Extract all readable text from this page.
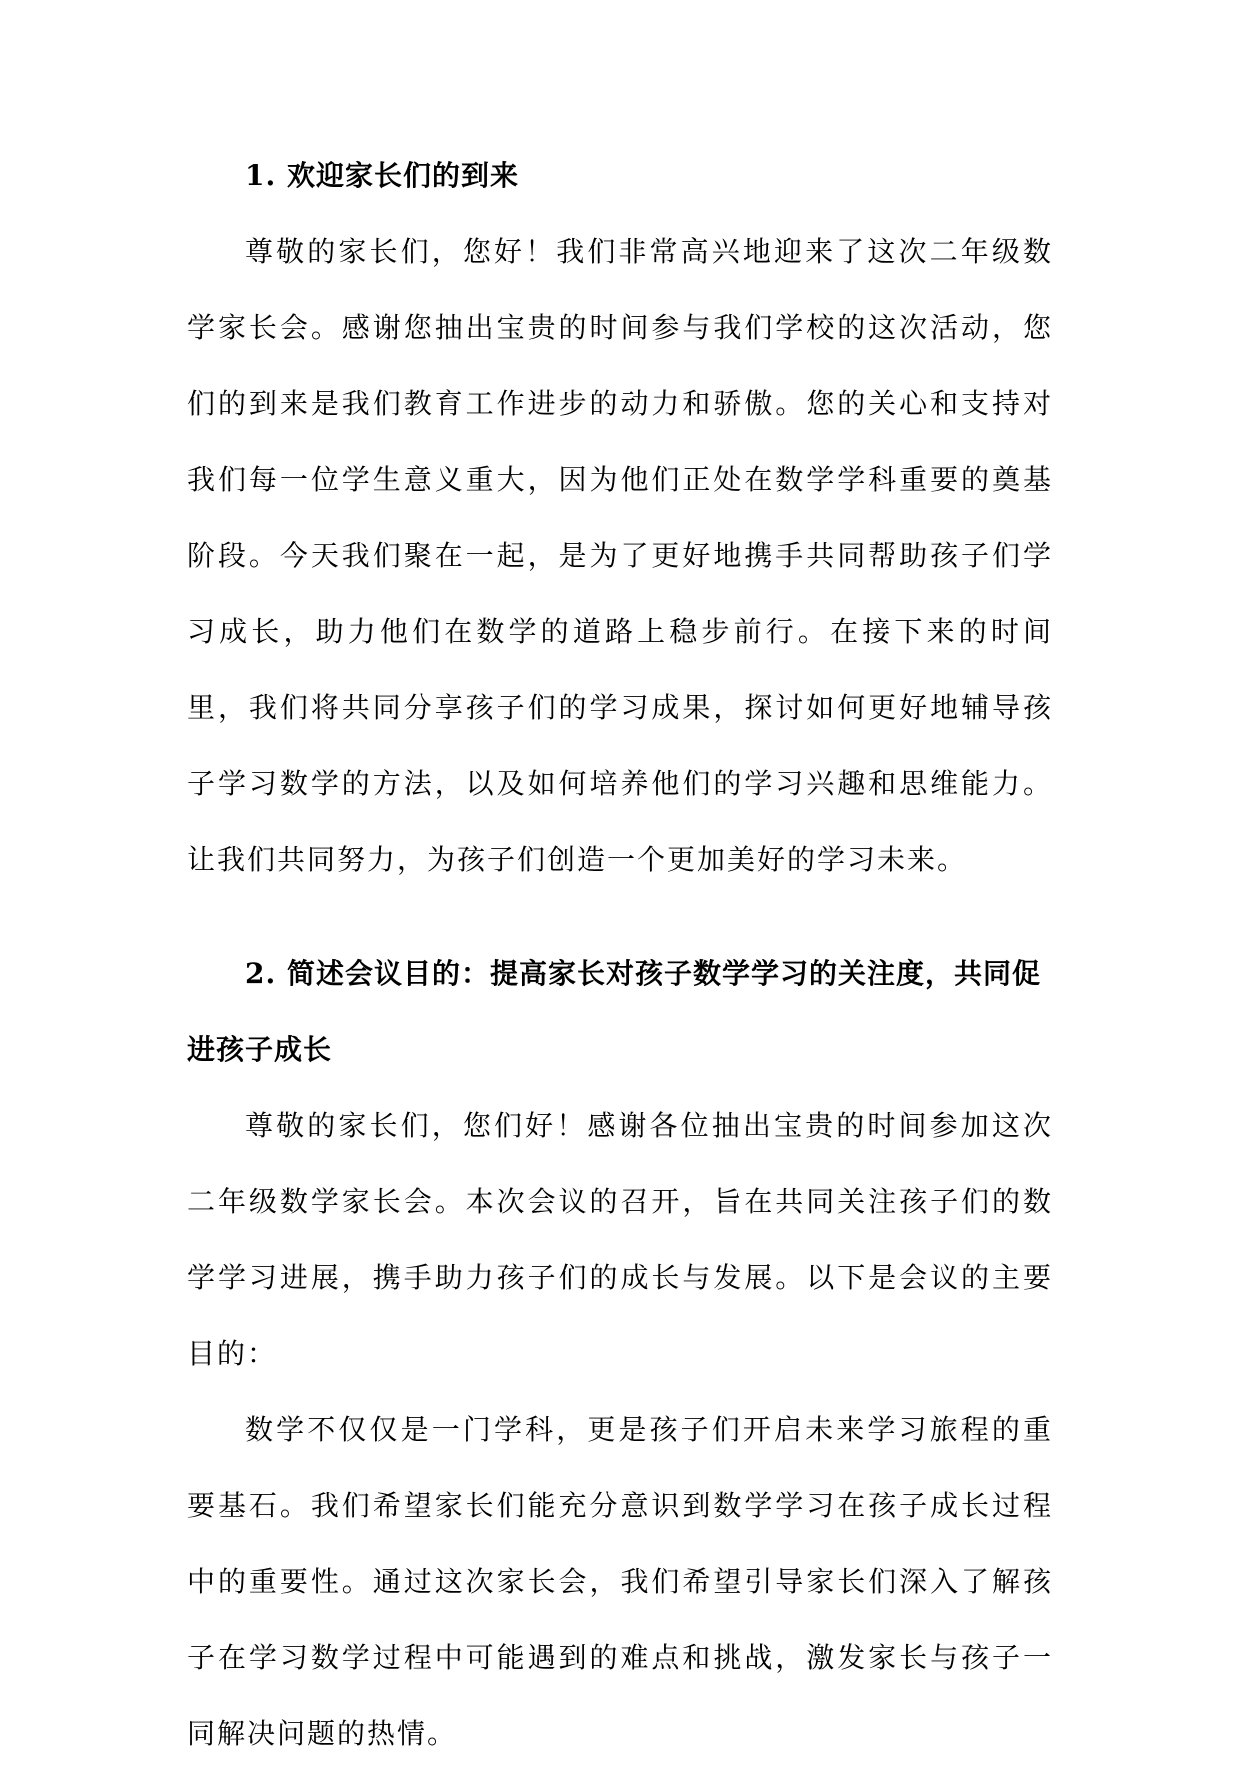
1. 欢迎家长们的到来

尊敬的家长们，您好！我们非常高兴地迎来了这次二年级数学家长会。感谢您抽出宝贵的时间参与我们学校的这次活动，您们的到来是我们教育工作进步的动力和骄傲。您的关心和支持对我们每一位学生意义重大，因为他们正处在数学学科重要的奠基阶段。今天我们聚在一起，是为了更好地携手共同帮助孩子们学习成长，助力他们在数学的道路上稳步前行。在接下来的时间里，我们将共同分享孩子们的学习成果，探讨如何更好地辅导孩子学习数学的方法，以及如何培养他们的学习兴趣和思维能力。让我们共同努力，为孩子们创造一个更加美好的学习未来。

2. 简述会议目的：提高家长对孩子数学学习的关注度，共同促进孩子成长

尊敬的家长们，您们好！感谢各位抽出宝贵的时间参加这次二年级数学家长会。本次会议的召开，旨在共同关注孩子们的数学学习进展，携手助力孩子们的成长与发展。以下是会议的主要目的：

数学不仅仅是一门学科，更是孩子们开启未来学习旅程的重要基石。我们希望家长们能充分意识到数学学习在孩子成长过程中的重要性。通过这次家长会，我们希望引导家长们深入了解孩子在学习数学过程中可能遇到的难点和挑战，激发家长与孩子一同解决问题的热情。
